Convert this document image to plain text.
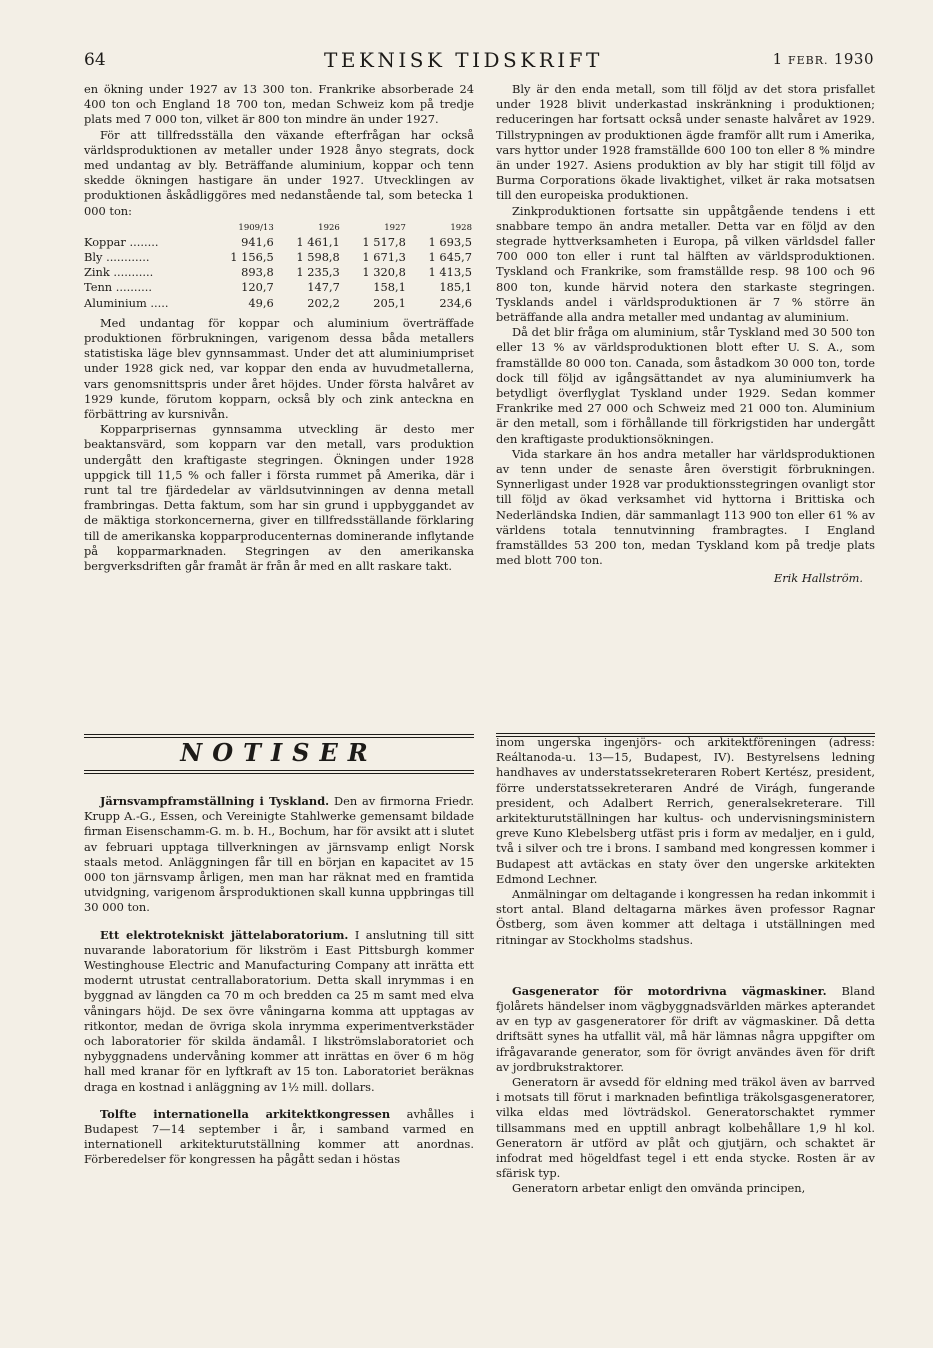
64	TEKNISK TIDSKRIFT	1 FEBR. 1930

en ökning under 1927 av 13 300 ton. Frankrike absorberade 24 400 ton och England 18 700 ton, medan Schweiz kom på tredje plats med 7 000 ton, vilket är 800 ton mindre än under 1927.

För att tillfredsställa den växande efterfrågan har också världsproduktionen av metaller under 1928 ånyo stegrats, dock med undantag av bly. Beträffande aluminium, koppar och tenn skedde ökningen hastigare än under 1927. Utvecklingen av produktionen åskådliggöres med nedanstående tal, som betecka 1 000 ton:

	1909/13	1926	1927	1928
Koppar ........	941,6	1 461,1	1 517,8	1 693,5
Bly ............	1 156,5	1 598,8	1 671,3	1 645,7
Zink ...........	893,8	1 235,3	1 320,8	1 413,5
Tenn ..........	120,7	147,7	158,1	185,1
Aluminium .....	49,6	202,2	205,1	234,6

Med undantag för koppar och aluminium överträffade produktionen förbrukningen, varigenom dessa båda metallers statistiska läge blev gynnsammast. Under det att aluminiumpriset under 1928 gick ned, var koppar den enda av huvudmetallerna, vars genomsnittspris under året höjdes. Under första halvåret av 1929 kunde, förutom kopparn, också bly och zink anteckna en förbättring av kursnivån.

Kopparprisernas gynnsamma utveckling är desto mer beaktansvärd, som kopparn var den metall, vars produktion undergått den kraftigaste stegringen. Ökningen under 1928 uppgick till 11,5 % och faller i första rummet på Amerika, där i runt tal tre fjärdedelar av världsutvinningen av denna metall frambringas. Detta faktum, som har sin grund i uppbyggandet av de mäktiga storkoncernerna, giver en tillfredsställande förklaring till de amerikanska kopparproducenternas dominerande inflytande på kopparmarknaden. Stegringen av den amerikanska bergverksdriften går framåt är från år med en allt raskare takt.

Bly är den enda metall, som till följd av det stora prisfallet under 1928 blivit underkastad inskränkning i produktionen; reduceringen har fortsatt också under senaste halvåret av 1929. Tillstrypningen av produktionen ägde framför allt rum i Amerika, vars hyttor under 1928 framställde 600 100 ton eller 8 % mindre än under 1927. Asiens produktion av bly har stigit till följd av Burma Corporations ökade livaktighet, vilket är raka motsatsen till den europeiska produktionen.

Zinkproduktionen fortsatte sin uppåtgående tendens i ett snabbare tempo än andra metaller. Detta var en följd av den stegrade hyttverksamheten i Europa, på vilken världsdel faller 700 000 ton eller i runt tal hälften av världsproduktionen. Tyskland och Frankrike, som framställde resp. 98 100 och 96 800 ton, kunde härvid notera den starkaste stegringen. Tysklands andel i världsproduktionen är 7 % större än beträffande alla andra metaller med undantag av aluminium.

Då det blir fråga om aluminium, står Tyskland med 30 500 ton eller 13 % av världsproduktionen blott efter U. S. A., som framställde 80 000 ton. Canada, som åstadkom 30 000 ton, torde dock till följd av igångsättandet av nya aluminiumverk ha betydligt överflyglat Tyskland under 1929. Sedan kommer Frankrike med 27 000 och Schweiz med 21 000 ton. Aluminium är den metall, som i förhållande till förkrigstiden har undergått den kraftigaste produktionsökningen.

Vida starkare än hos andra metaller har världsproduktionen av tenn under de senaste åren överstigit förbrukningen. Synnerligast under 1928 var produktionsstegringen ovanligt stor till följd av ökad verksamhet vid hyttorna i Brittiska och Nederländska Indien, där sammanlagt 113 900 ton eller 61 % av världens totala tennutvinning frambragtes. I England framställdes 53 200 ton, medan Tyskland kom på tredje plats med blott 700 ton.

Erik Hallström.
NOTISER

Järnsvampframställning i Tyskland. Den av firmorna Friedr. Krupp A.-G., Essen, och Vereinigte Stahlwerke gemensamt bildade firman Eisenschamm-G. m. b. H., Bochum, har för avsikt att i slutet av februari upptaga tillverkningen av järnsvamp enligt Norsk staals metod. Anläggningen får till en början en kapacitet av 15 000 ton järnsvamp årligen, men man har räknat med en framtida utvidgning, varigenom årsproduktionen skall kunna uppbringas till 30 000 ton.

Ett elektrotekniskt jättelaboratorium. I anslutning till sitt nuvarande laboratorium för likström i East Pittsburgh kommer Westinghouse Electric and Manufacturing Company att inrätta ett modernt utrustat centrallaboratorium. Detta skall inrymmas i en byggnad av längden ca 70 m och bredden ca 25 m samt med elva våningars höjd. De sex övre våningarna komma att upptagas av ritkontor, medan de övriga skola inrymma experimentverkstäder och laboratorier för skilda ändamål. I likströmslaboratoriet och nybyggnadens undervåning kommer att inrättas en över 6 m hög hall med kranar för en lyftkraft av 15 ton. Laboratoriet beräknas draga en kostnad i anläggning av 1½ mill. dollars.

Tolfte internationella arkitektkongressen avhålles i Budapest 7—14 september i år, i samband varmed en internationell arkitekturutställning kommer att anordnas. Förberedelser för kongressen ha pågått sedan i höstas

inom ungerska ingenjörs- och arkitektföreningen (adress: Reáltanoda-u. 13—15, Budapest, IV). Bestyrelsens ledning handhaves av understatssekreteraren Robert Kertész, president, förre understatssekreteraren André de Virágh, fungerande president, och Adalbert Rerrich, generalsekreterare. Till arkitekturutställningen har kultus- och undervisningsministern greve Kuno Klebelsberg utfäst pris i form av medaljer, en i guld, två i silver och tre i brons. I samband med kongressen kommer i Budapest att avtäckas en staty över den ungerske arkitekten Edmond Lechner.

Anmälningar om deltagande i kongressen ha redan inkommit i stort antal. Bland deltagarna märkes även professor Ragnar Östberg, som även kommer att deltaga i utställningen med ritningar av Stockholms stadshus.

Gasgenerator för motordrivna vägmaskiner. Bland fjolårets händelser inom vägbyggnadsvärlden märkes apterandet av en typ av gasgeneratorer för drift av vägmaskiner. Då detta driftsätt synes ha utfallit väl, må här lämnas några uppgifter om ifrågavarande generator, som för övrigt användes även för drift av jordbrukstraktorer.

Generatorn är avsedd för eldning med träkol även av barrved i motsats till förut i marknaden befintliga träkolsgasgeneratorer, vilka eldas med lövträdskol. Generatorschaktet rymmer tillsammans med en upptill anbragt kolbehållare 1,9 hl kol. Generatorn är utförd av plåt och gjutjärn, och schaktet är infodrat med högeldfast tegel i ett enda stycke. Rosten är av sfärisk typ.

Generatorn arbetar enligt den omvända principen,
